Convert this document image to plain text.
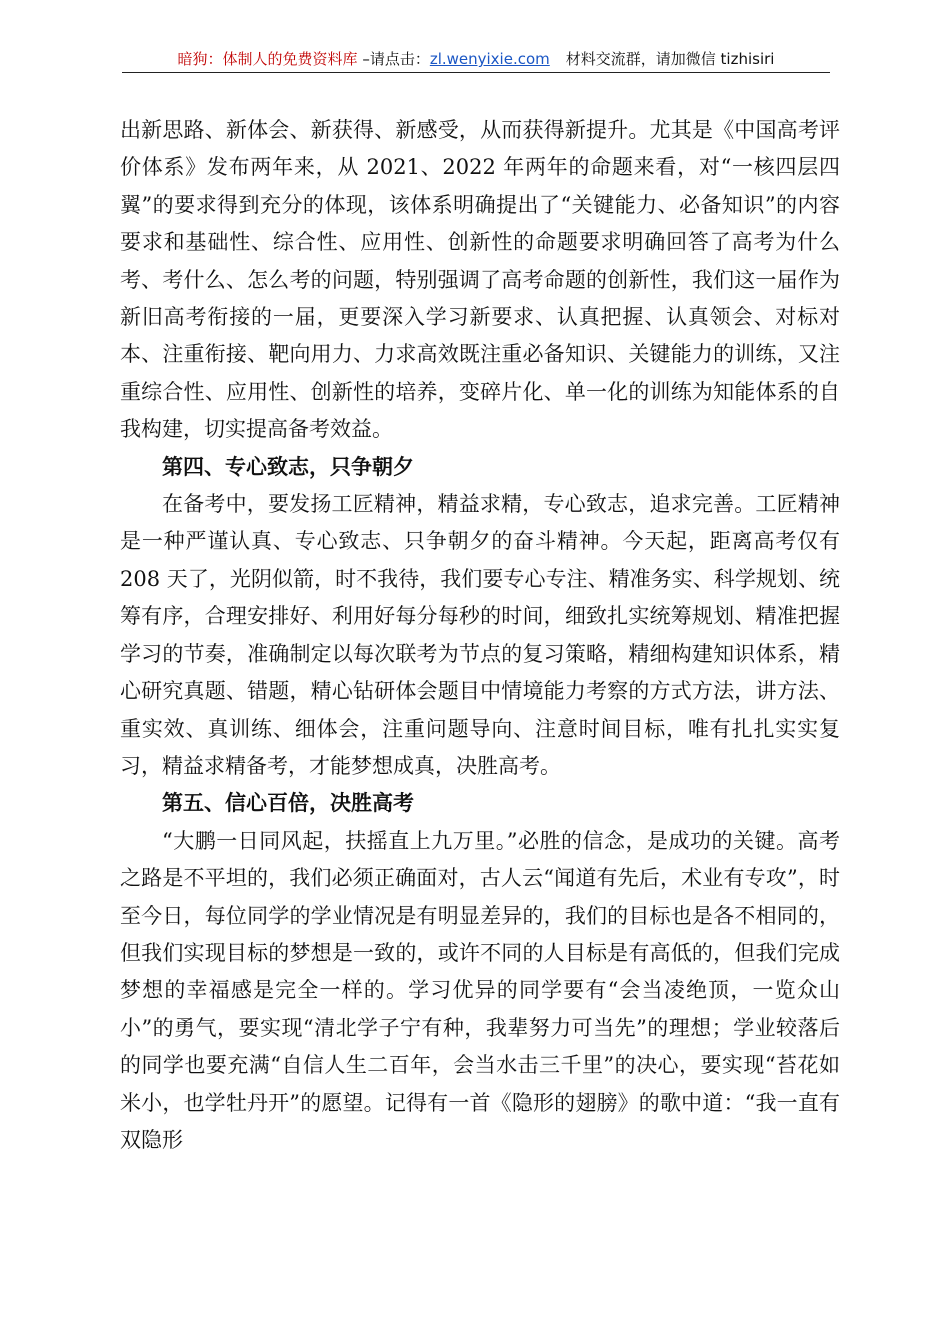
暗狗：体制人的免费资料库 –请点击：zl.wenyixie.com 材料交流群，请加微信 tizhisiri

出新思路、新体会、新获得、新感受，从而获得新提升。尤其是《中国高考评价体系》发布两年来，从 2021、2022 年两年的命题来看，对“一核四层四翼”的要求得到充分的体现，该体系明确提出了“关键能力、必备知识”的内容要求和基础性、综合性、应用性、创新性的命题要求明确回答了高考为什么考、考什么、怎么考的问题，特别强调了高考命题的创新性，我们这一届作为新旧高考衔接的一届，更要深入学习新要求、认真把握、认真领会、对标对本、注重衔接、靶向用力、力求高效既注重必备知识、关键能力的训练，又注重综合性、应用性、创新性的培养，变碎片化、单一化的训练为知能体系的自我构建，切实提高备考效益。

第四、专心致志，只争朝夕

在备考中，要发扬工匠精神，精益求精，专心致志，追求完善。工匠精神是一种严谨认真、专心致志、只争朝夕的奋斗精神。今天起，距离高考仅有 208 天了，光阴似箭，时不我待，我们要专心专注、精准务实、科学规划、统筹有序，合理安排好、利用好每分每秒的时间，细致扎实统筹规划、精准把握学习的节奏，准确制定以每次联考为节点的复习策略，精细构建知识体系，精心研究真题、错题，精心钻研体会题目中情境能力考察的方式方法，讲方法、重实效、真训练、细体会，注重问题导向、注意时间目标，唯有扎扎实实复习，精益求精备考，才能梦想成真，决胜高考。

第五、信心百倍，决胜高考

“大鹏一日同风起，扶摇直上九万里。”必胜的信念，是成功的关键。高考之路是不平坦的，我们必须正确面对，古人云“闻道有先后，术业有专攻”，时至今日，每位同学的学业情况是有明显差异的，我们的目标也是各不相同的，但我们实现目标的梦想是一致的，或许不同的人目标是有高低的，但我们完成梦想的幸福感是完全一样的。学习优异的同学要有“会当凌绝顶，一览众山小”的勇气，要实现“清北学子宁有种，我辈努力可当先”的理想；学业较落后的同学也要充满“自信人生二百年，会当水击三千里”的决心，要实现“苔花如米小，也学牡丹开”的愿望。记得有一首《隐形的翅膀》的歌中道：“我一直有双隐形
